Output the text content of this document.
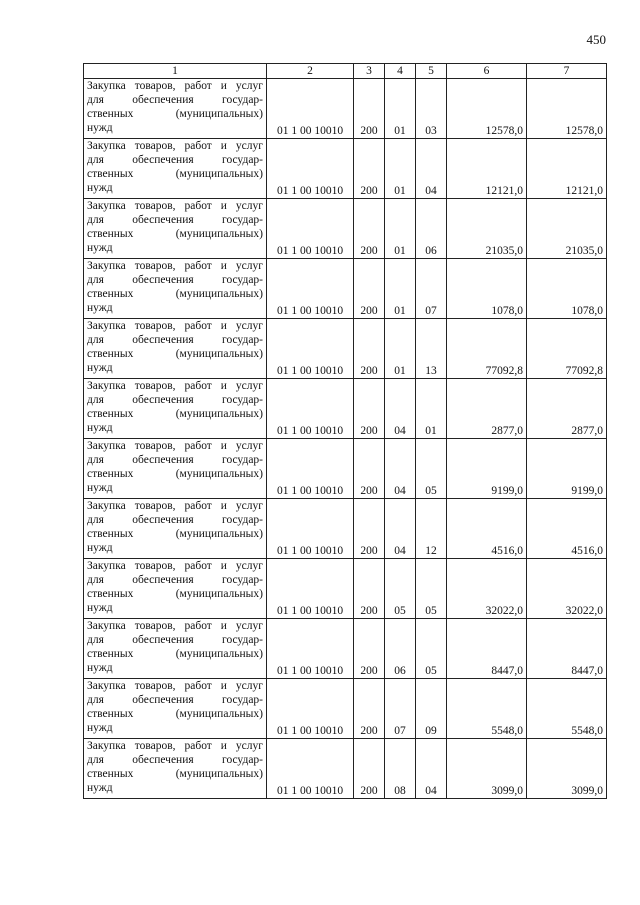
450
1	2	3	4	5	6	7

Закупка товаров, работ и услуг
для обеспечения государ-
ственных (муниципальных)
нужд	01 1 00 10010	200	01	03	12578,0	12578,0

Закупка товаров, работ и услуг
для обеспечения государ-
ственных (муниципальных)
нужд	01 1 00 10010	200	01	04	12121,0	12121,0

Закупка товаров, работ и услуг
для обеспечения государ-
ственных (муниципальных)
нужд	01 1 00 10010	200	01	06	21035,0	21035,0

Закупка товаров, работ и услуг
для обеспечения государ-
ственных (муниципальных)
нужд	01 1 00 10010	200	01	07	1078,0	1078,0

Закупка товаров, работ и услуг
для обеспечения государ-
ственных (муниципальных)
нужд	01 1 00 10010	200	01	13	77092,8	77092,8

Закупка товаров, работ и услуг
для обеспечения государ-
ственных (муниципальных)
нужд	01 1 00 10010	200	04	01	2877,0	2877,0

Закупка товаров, работ и услуг
для обеспечения государ-
ственных (муниципальных)
нужд	01 1 00 10010	200	04	05	9199,0	9199,0

Закупка товаров, работ и услуг
для обеспечения государ-
ственных (муниципальных)
нужд	01 1 00 10010	200	04	12	4516,0	4516,0

Закупка товаров, работ и услуг
для обеспечения государ-
ственных (муниципальных)
нужд	01 1 00 10010	200	05	05	32022,0	32022,0

Закупка товаров, работ и услуг
для обеспечения государ-
ственных (муниципальных)
нужд	01 1 00 10010	200	06	05	8447,0	8447,0

Закупка товаров, работ и услуг
для обеспечения государ-
ственных (муниципальных)
нужд	01 1 00 10010	200	07	09	5548,0	5548,0

Закупка товаров, работ и услуг
для обеспечения государ-
ственных (муниципальных)
нужд	01 1 00 10010	200	08	04	3099,0	3099,0
